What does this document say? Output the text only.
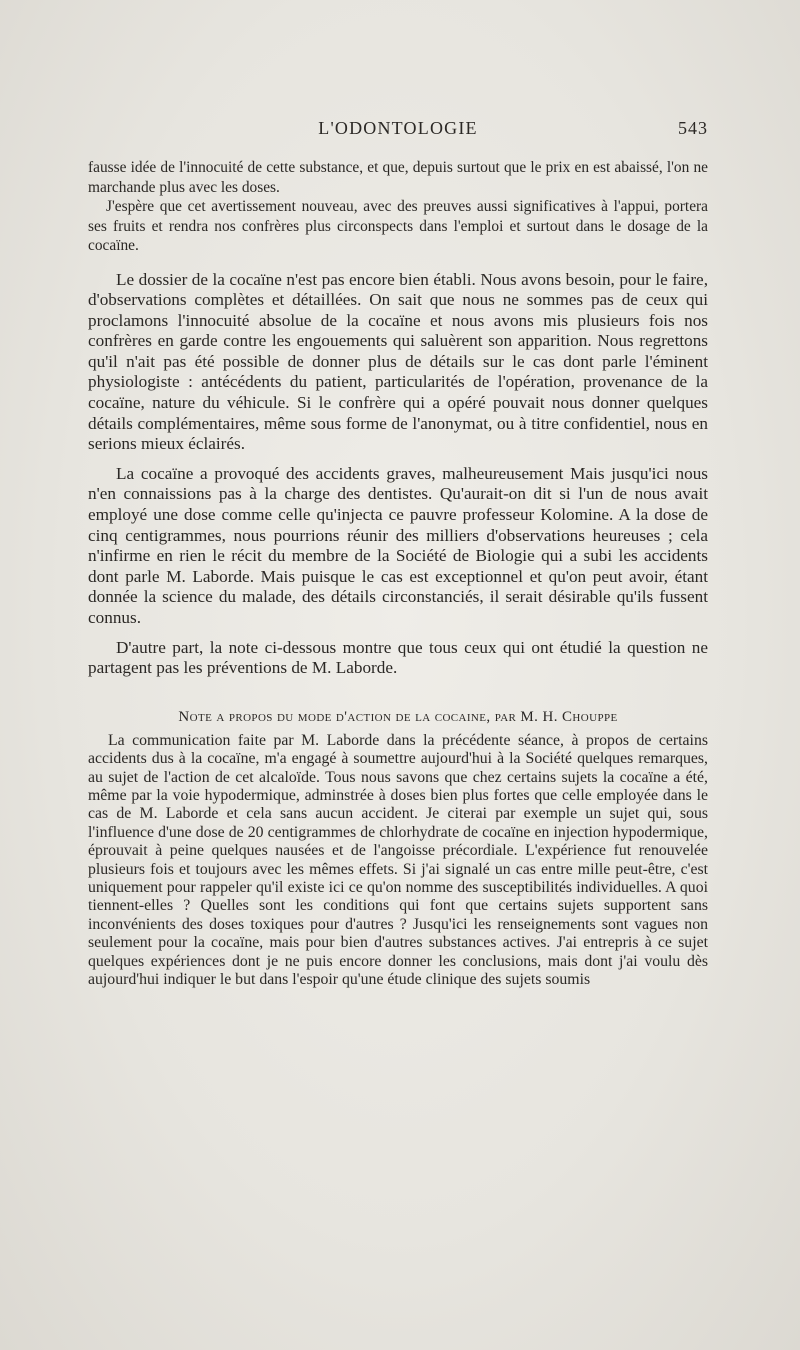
L'ODONTOLOGIE	543

fausse idée de l'innocuité de cette substance, et que, depuis surtout que le prix en est abaissé, l'on ne marchande plus avec les doses.

J'espère que cet avertissement nouveau, avec des preuves aussi significatives à l'appui, portera ses fruits et rendra nos confrères plus circonspects dans l'emploi et surtout dans le dosage de la cocaïne.

Le dossier de la cocaïne n'est pas encore bien établi. Nous avons besoin, pour le faire, d'observations complètes et détaillées. On sait que nous ne sommes pas de ceux qui proclamons l'innocuité absolue de la cocaïne et nous avons mis plusieurs fois nos confrères en garde contre les engouements qui saluèrent son apparition. Nous regrettons qu'il n'ait pas été possible de donner plus de détails sur le cas dont parle l'éminent physiologiste : antécédents du patient, particularités de l'opération, provenance de la cocaïne, nature du véhicule. Si le confrère qui a opéré pouvait nous donner quelques détails complémentaires, même sous forme de l'anonymat, ou à titre confidentiel, nous en serions mieux éclairés.

La cocaïne a provoqué des accidents graves, malheureusement Mais jusqu'ici nous n'en connaissions pas à la charge des dentistes. Qu'aurait-on dit si l'un de nous avait employé une dose comme celle qu'injecta ce pauvre professeur Kolomine. A la dose de cinq centigrammes, nous pourrions réunir des milliers d'observations heureuses ; cela n'infirme en rien le récit du membre de la Société de Biologie qui a subi les accidents dont parle M. Laborde. Mais puisque le cas est exceptionnel et qu'on peut avoir, étant donnée la science du malade, des détails circonstanciés, il serait désirable qu'ils fussent connus.

D'autre part, la note ci-dessous montre que tous ceux qui ont étudié la question ne partagent pas les préventions de M. Laborde.

Note a propos du mode d'action de la cocaine, par M. H. Chouppe

La communication faite par M. Laborde dans la précédente séance, à propos de certains accidents dus à la cocaïne, m'a engagé à soumettre aujourd'hui à la Société quelques remarques, au sujet de l'action de cet alcaloïde. Tous nous savons que chez certains sujets la cocaïne a été, même par la voie hypodermique, adminstrée à doses bien plus fortes que celle employée dans le cas de M. Laborde et cela sans aucun accident. Je citerai par exemple un sujet qui, sous l'influence d'une dose de 20 centigrammes de chlorhydrate de cocaïne en injection hypodermique, éprouvait à peine quelques nausées et de l'angoisse précordiale. L'expérience fut renouvelée plusieurs fois et toujours avec les mêmes effets. Si j'ai signalé un cas entre mille peut-être, c'est uniquement pour rappeler qu'il existe ici ce qu'on nomme des susceptibilités individuelles. A quoi tiennent-elles ? Quelles sont les conditions qui font que certains sujets supportent sans inconvénients des doses toxiques pour d'autres ? Jusqu'ici les renseignements sont vagues non seulement pour la cocaïne, mais pour bien d'autres substances actives. J'ai entrepris à ce sujet quelques expériences dont je ne puis encore donner les conclusions, mais dont j'ai voulu dès aujourd'hui indiquer le but dans l'espoir qu'une étude clinique des sujets soumis
